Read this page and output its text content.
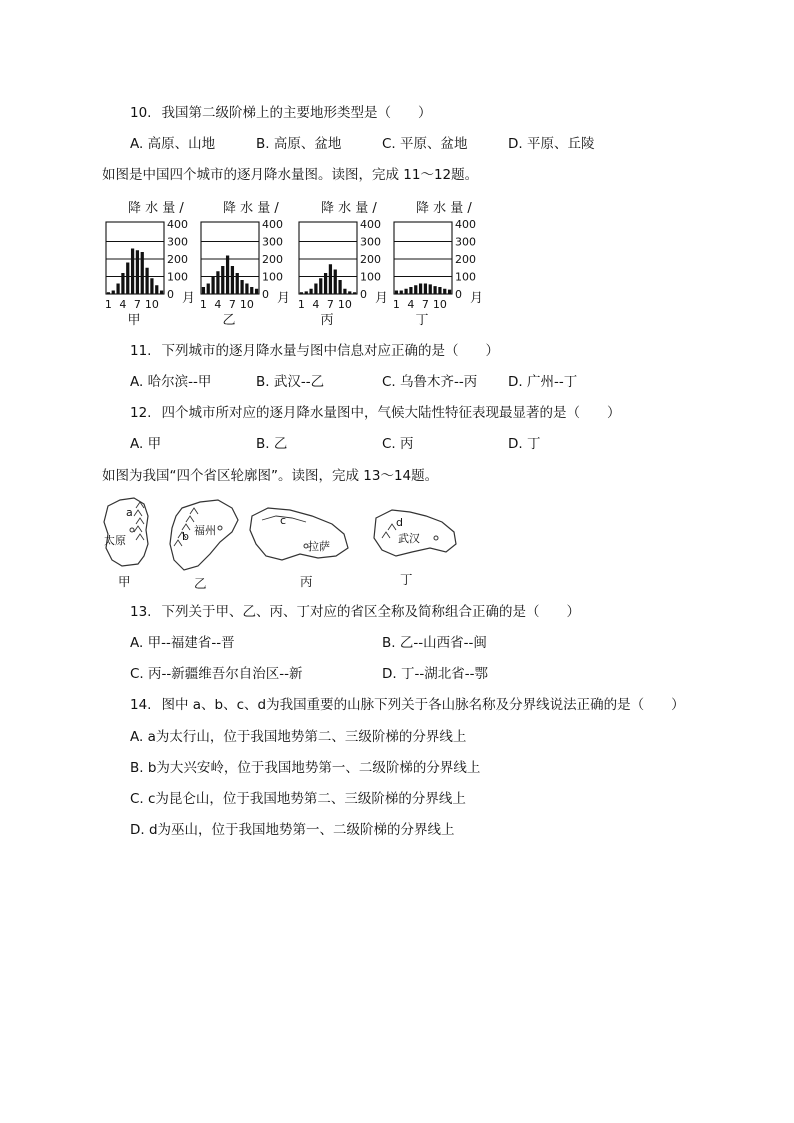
10. 我国第二级阶梯上的主要地形类型是（　　）
A. 高原、山地	B. 高原、盆地	C. 平原、盆地	D. 平原、丘陵
如图是中国四个城市的逐月降水量图。读图，完成 11～12题。
降 水 量 /
400
300
200
100
0
1 4 7 10 月
甲
降 水 量 /
400
300
200
100
0
1 4 7 10 月
乙
降 水 量 /
400
300
200
100
0
1 4 7 10 月
丙
降 水 量 /
400
300
200
100
0
1 4 7 10 月
丁
11. 下列城市的逐月降水量与图中信息对应正确的是（　　）
A. 哈尔滨--甲	B. 武汉--乙	C. 乌鲁木齐--丙 D. 广州--丁
12. 四个城市所对应的逐月降水量图中，气候大陆性特征表现最显著的是（　　）
A. 甲	B. 乙	C. 丙	D. 丁
如图为我国“四个省区轮廓图”。读图，完成 13～14题。
a
太原
甲
b 福州
乙
c
拉萨
丙
d
武汉
丁
13. 下列关于甲、乙、丙、丁对应的省区全称及简称组合正确的是（　　）
A. 甲--福建省--晋	B. 乙--山西省--闽
C. 丙--新疆维吾尔自治区--新	D. 丁--湖北省--鄂
14. 图中 a、b、c、d为我国重要的山脉下列关于各山脉名称及分界线说法正确的是（　　）
A. a为太行山，位于我国地势第二、三级阶梯的分界线上
B. b为大兴安岭，位于我国地势第一、二级阶梯的分界线上
C. c为昆仑山，位于我国地势第二、三级阶梯的分界线上
D. d为巫山，位于我国地势第一、二级阶梯的分界线上
